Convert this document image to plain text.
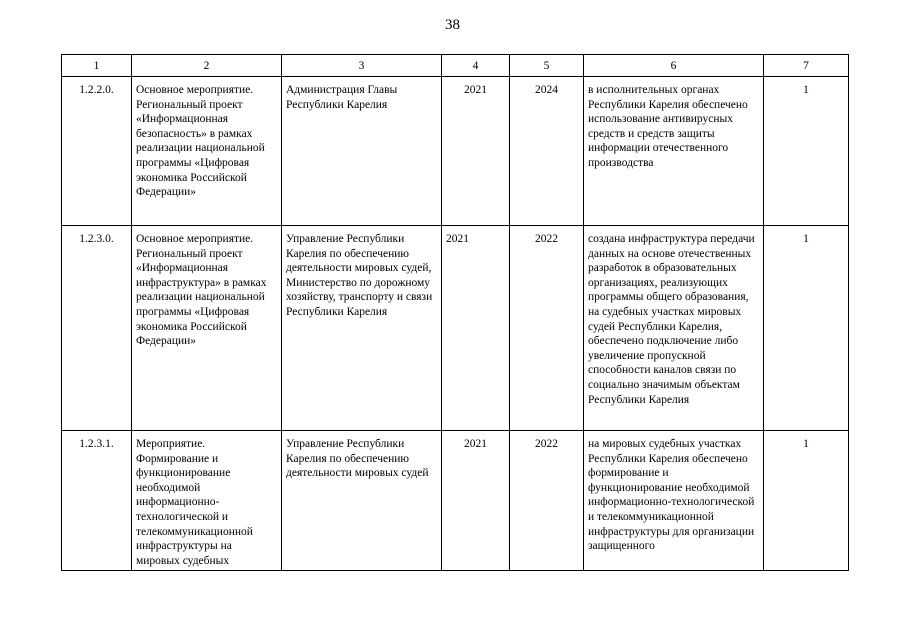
38
1	2	3	4	5	6	7
1.2.2.0.	Основное мероприятие. Региональный проект «Информационная безопасность» в рамках реализации национальной программы «Цифровая экономика Российской Федерации»	Администрация Главы Республики Карелия	2021	2024	в исполнительных органах Республики Карелия обеспечено использование антивирусных средств и средств защиты информации отечественного производства	1
1.2.3.0.	Основное мероприятие. Региональный проект «Информационная инфраструктура» в рамках реализации национальной программы «Цифровая экономика Российской Федерации»	Управление Республики Карелия по обеспечению деятельности мировых судей, Министерство по дорожному хозяйству, транспорту и связи Республики Карелия	2021	2022	создана инфраструктура передачи данных на основе отечественных разработок в образовательных организациях, реализующих программы общего образования, на судебных участках мировых судей Республики Карелия, обеспечено подключение либо увеличение пропускной способности каналов связи по социально значимым объектам Республики Карелия	1
1.2.3.1.	Мероприятие. Формирование и функционирование необходимой информационно-технологической и телекоммуникационной инфраструктуры на мировых судебных	Управление Республики Карелия по обеспечению деятельности мировых судей	2021	2022	на мировых судебных участках Республики Карелия обеспечено формирование и функционирование необходимой информационно-технологической и телекоммуникационной инфраструктуры для организации защищенного	1
